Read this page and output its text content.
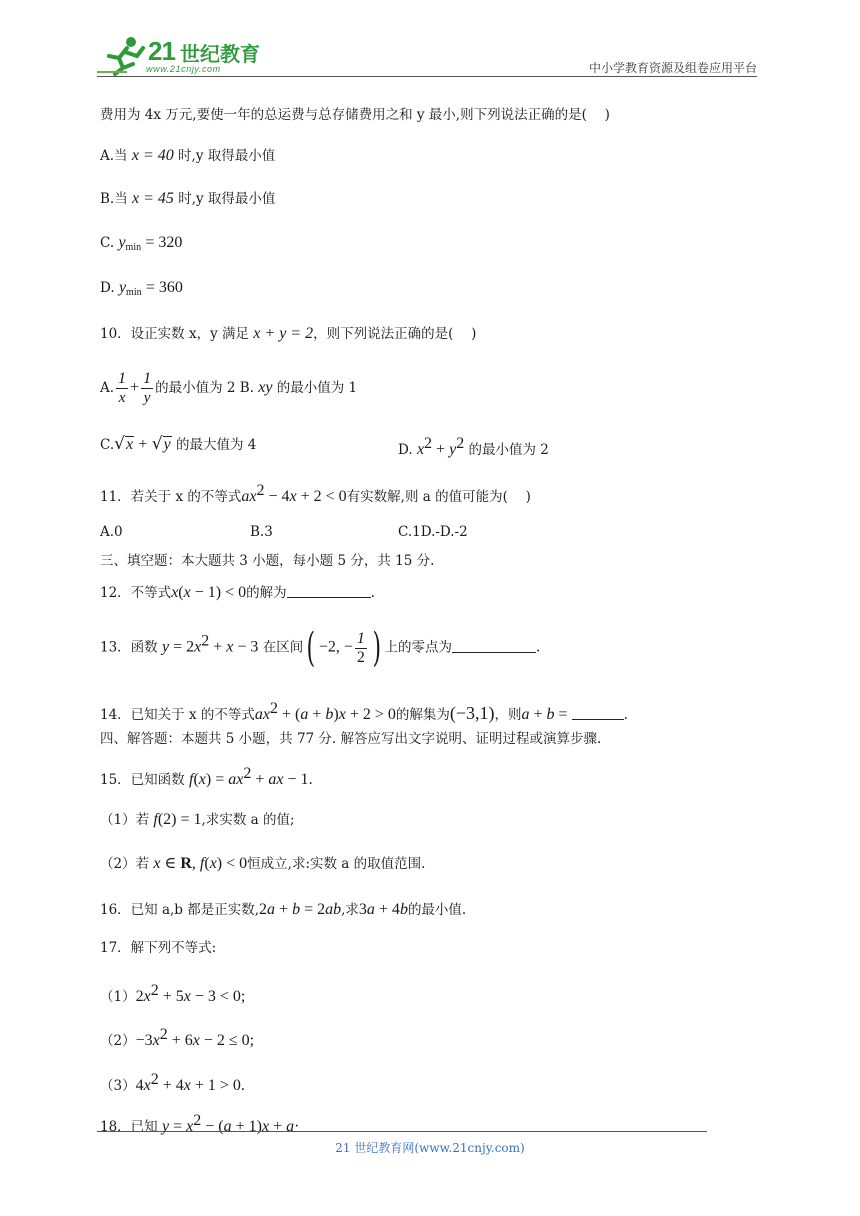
21 世纪教育
www.21cnjy.com	中小学教育资源及组卷应用平台
费用为 4x 万元,要使一年的总运费与总存储费用之和 y 最小,则下列说法正确的是(　 )
A.当 x = 40 时,y 取得最小值
B.当 x = 45 时,y 取得最小值
C. $y_{min} = 320$
D. $y_{min} = 360$
10．设正实数 x，y 满足 x + y = 2，则下列说法正确的是(　 )
A. $\frac{1}{x} + \frac{1}{y}$ 的最小值为 2 B. xy 的最小值为 1
C.√x + √y 的最大值为 4	D. $x^2 + y^2$ 的最小值为 2
11．若关于 x 的不等式$ax^2 - 4x + 2 < 0$有实数解,则 a 的值可能为(　 )
A.0	B.3	C.1D.-D.-2
三、填空题：本大题共 3 小题，每小题 5 分，共 15 分.
12．不等式x(x − 1) < 0的解为	.
13．函数 $y = 2x^2 + x - 3$ 在区间( −2, − $\frac{1}{2}$ ) 上的零点为	.
14．已知关于 x 的不等式$ax^2 + (a + b)x + 2 > 0$的解集为(−3,1)，则a + b =	.
四、解答题：本题共 5 小题，共 77 分. 解答应写出文字说明、证明过程或演算步骤.
15．已知函数 $f(x) = ax^2$ + ax − 1.
（1）若 f(2) = 1,求实数 a 的值;
（2）若 x ∈ R, f(x) < 0恒成立,求:实数 a 的取值范围.
16．已知 a,b 都是正实数,2a + b = 2ab,求3a + 4b的最小值.
17．解下列不等式:
$(1)2x^2 + 5x - 3 < 0$;
$(2)-3x^2 + 6x - 2 \le 0$;
$(3)4x^2 + 4x + 1 > 0$.
18．已知 $y = x^2 - (a + 1)x + a\cdot$
21 世纪教育网(www.21cnjy.com)
